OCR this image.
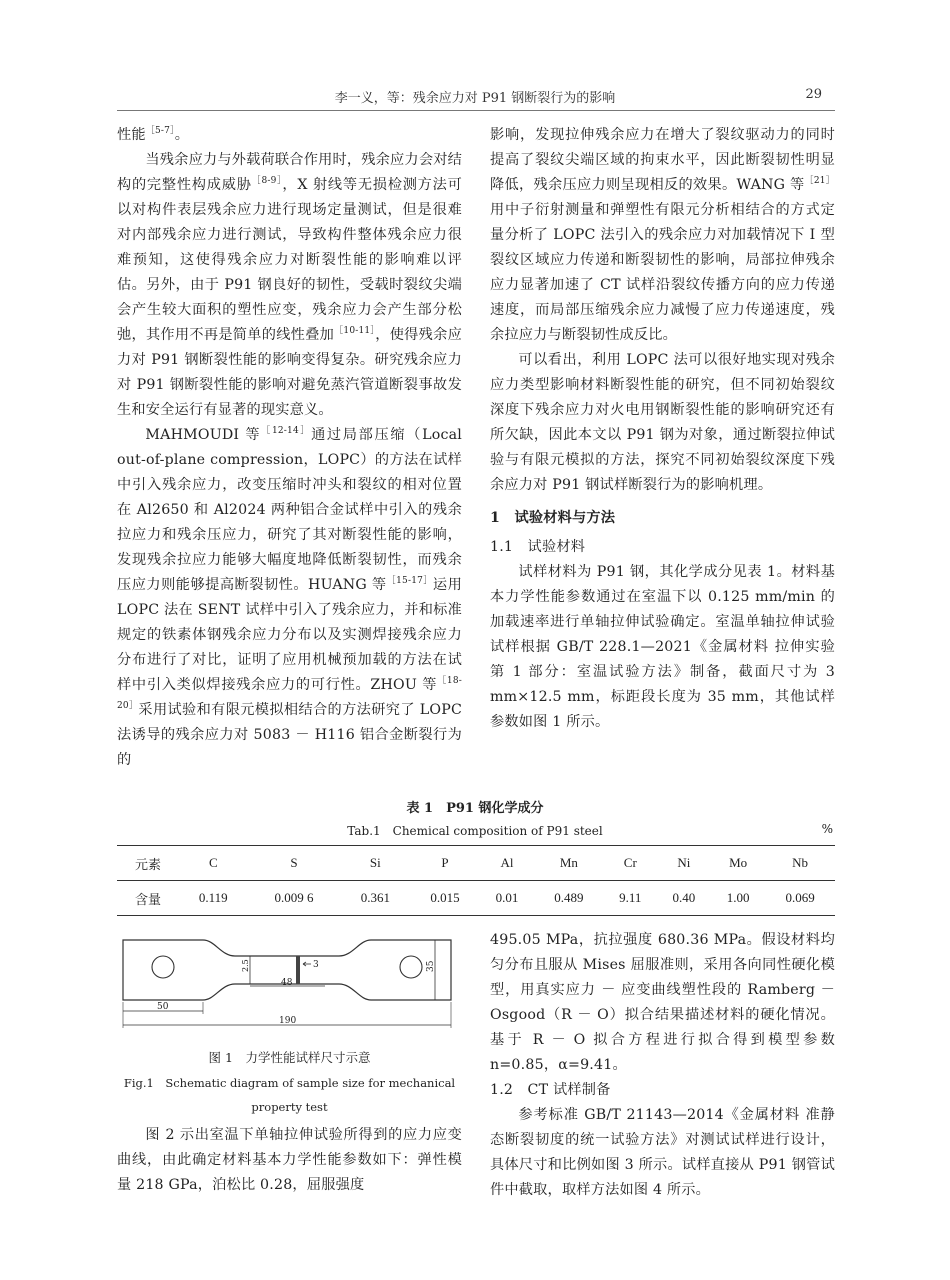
李一义，等：残余应力对 P91 钢断裂行为的影响	29

性能$^{[5-7]}$。

当残余应力与外载荷联合作用时，残余应力会对结构的完整性构成威胁$^{[8-9]}$，X 射线等无损检测方法可以对构件表层残余应力进行现场定量测试，但是很难对内部残余应力进行测试，导致构件整体残余应力很难预知，这使得残余应力对断裂性能的影响难以评估。另外，由于 P91 钢良好的韧性，受载时裂纹尖端会产生较大面积的塑性应变，残余应力会产生部分松弛，其作用不再是简单的线性叠加$^{[10-11]}$，使得残余应力对 P91 钢断裂性能的影响变得复杂。研究残余应力对 P91 钢断裂性能的影响对避免蒸汽管道断裂事故发生和安全运行有显著的现实意义。

MAHMOUDI 等$^{[12-14]}$通过局部压缩（Local out-of-plane compression，LOPC）的方法在试样中引入残余应力，改变压缩时冲头和裂纹的相对位置在 Al2650 和 Al2024 两种铝合金试样中引入的残余拉应力和残余压应力，研究了其对断裂性能的影响，发现残余拉应力能够大幅度地降低断裂韧性，而残余压应力则能够提高断裂韧性。HUANG 等$^{[15-17]}$运用 LOPC 法在 SENT 试样中引入了残余应力，并和标准规定的铁素体钢残余应力分布以及实测焊接残余应力分布进行了对比，证明了应用机械预加载的方法在试样中引入类似焊接残余应力的可行性。ZHOU 等$^{[18-20]}$采用试验和有限元模拟相结合的方法研究了 LOPC 法诱导的残余应力对 5083 － H116 铝合金断裂行为的

影响，发现拉伸残余应力在增大了裂纹驱动力的同时提高了裂纹尖端区域的拘束水平，因此断裂韧性明显降低，残余压应力则呈现相反的效果。WANG 等$^{[21]}$用中子衍射测量和弹塑性有限元分析相结合的方式定量分析了 LOPC 法引入的残余应力对加载情况下 Ⅰ 型裂纹区域应力传递和断裂韧性的影响，局部拉伸残余应力显著加速了 CT 试样沿裂纹传播方向的应力传递速度，而局部压缩残余应力减慢了应力传递速度，残余拉应力与断裂韧性成反比。

可以看出，利用 LOPC 法可以很好地实现对残余应力类型影响材料断裂性能的研究，但不同初始裂纹深度下残余应力对火电用钢断裂性能的影响研究还有所欠缺，因此本文以 P91 钢为对象，通过断裂拉伸试验与有限元模拟的方法，探究不同初始裂纹深度下残余应力对 P91 钢试样断裂行为的影响机理。

1　试验材料与方法

1.1　试验材料

试样材料为 P91 钢，其化学成分见表 1。材料基本力学性能参数通过在室温下以 0.125 mm/min 的加载速率进行单轴拉伸试验确定。室温单轴拉伸试验试样根据 GB/T 228.1—2021《金属材料 拉伸实验 第 1 部分：室温试验方法》制备，截面尺寸为 3 mm×12.5 mm，标距段长度为 35 mm，其他试样参数如图 1 所示。

表 1　P91 钢化学成分
Tab.1　Chemical composition of P91 steel	%
元素	C	S	Si	P	Al	Mn	Cr	Ni	Mo	Nb
含量	0.119	0.009 6	0.361	0.015	0.01	0.489	9.11	0.40	1.00	0.069
3
2.5
48
35
50
190
图 1　力学性能试样尺寸示意
Fig.1　Schematic diagram of sample size for mechanical
property test

图 2 示出室温下单轴拉伸试验所得到的应力应变曲线，由此确定材料基本力学性能参数如下：弹性模量 218 GPa，泊松比 0.28，屈服强度

495.05 MPa，抗拉强度 680.36 MPa。假设材料均匀分布且服从 Mises 屈服准则，采用各向同性硬化模型，用真实应力 － 应变曲线塑性段的 Ramberg － Osgood（R － O）拟合结果描述材料的硬化情况。基于 R － O 拟合方程进行拟合得到模型参数 n=0.85，α=9.41。

1.2　CT 试样制备

参考标准 GB/T 21143—2014《金属材料 准静态断裂韧度的统一试验方法》对测试试样进行设计，具体尺寸和比例如图 3 所示。试样直接从 P91 钢管试件中截取，取样方法如图 4 所示。
